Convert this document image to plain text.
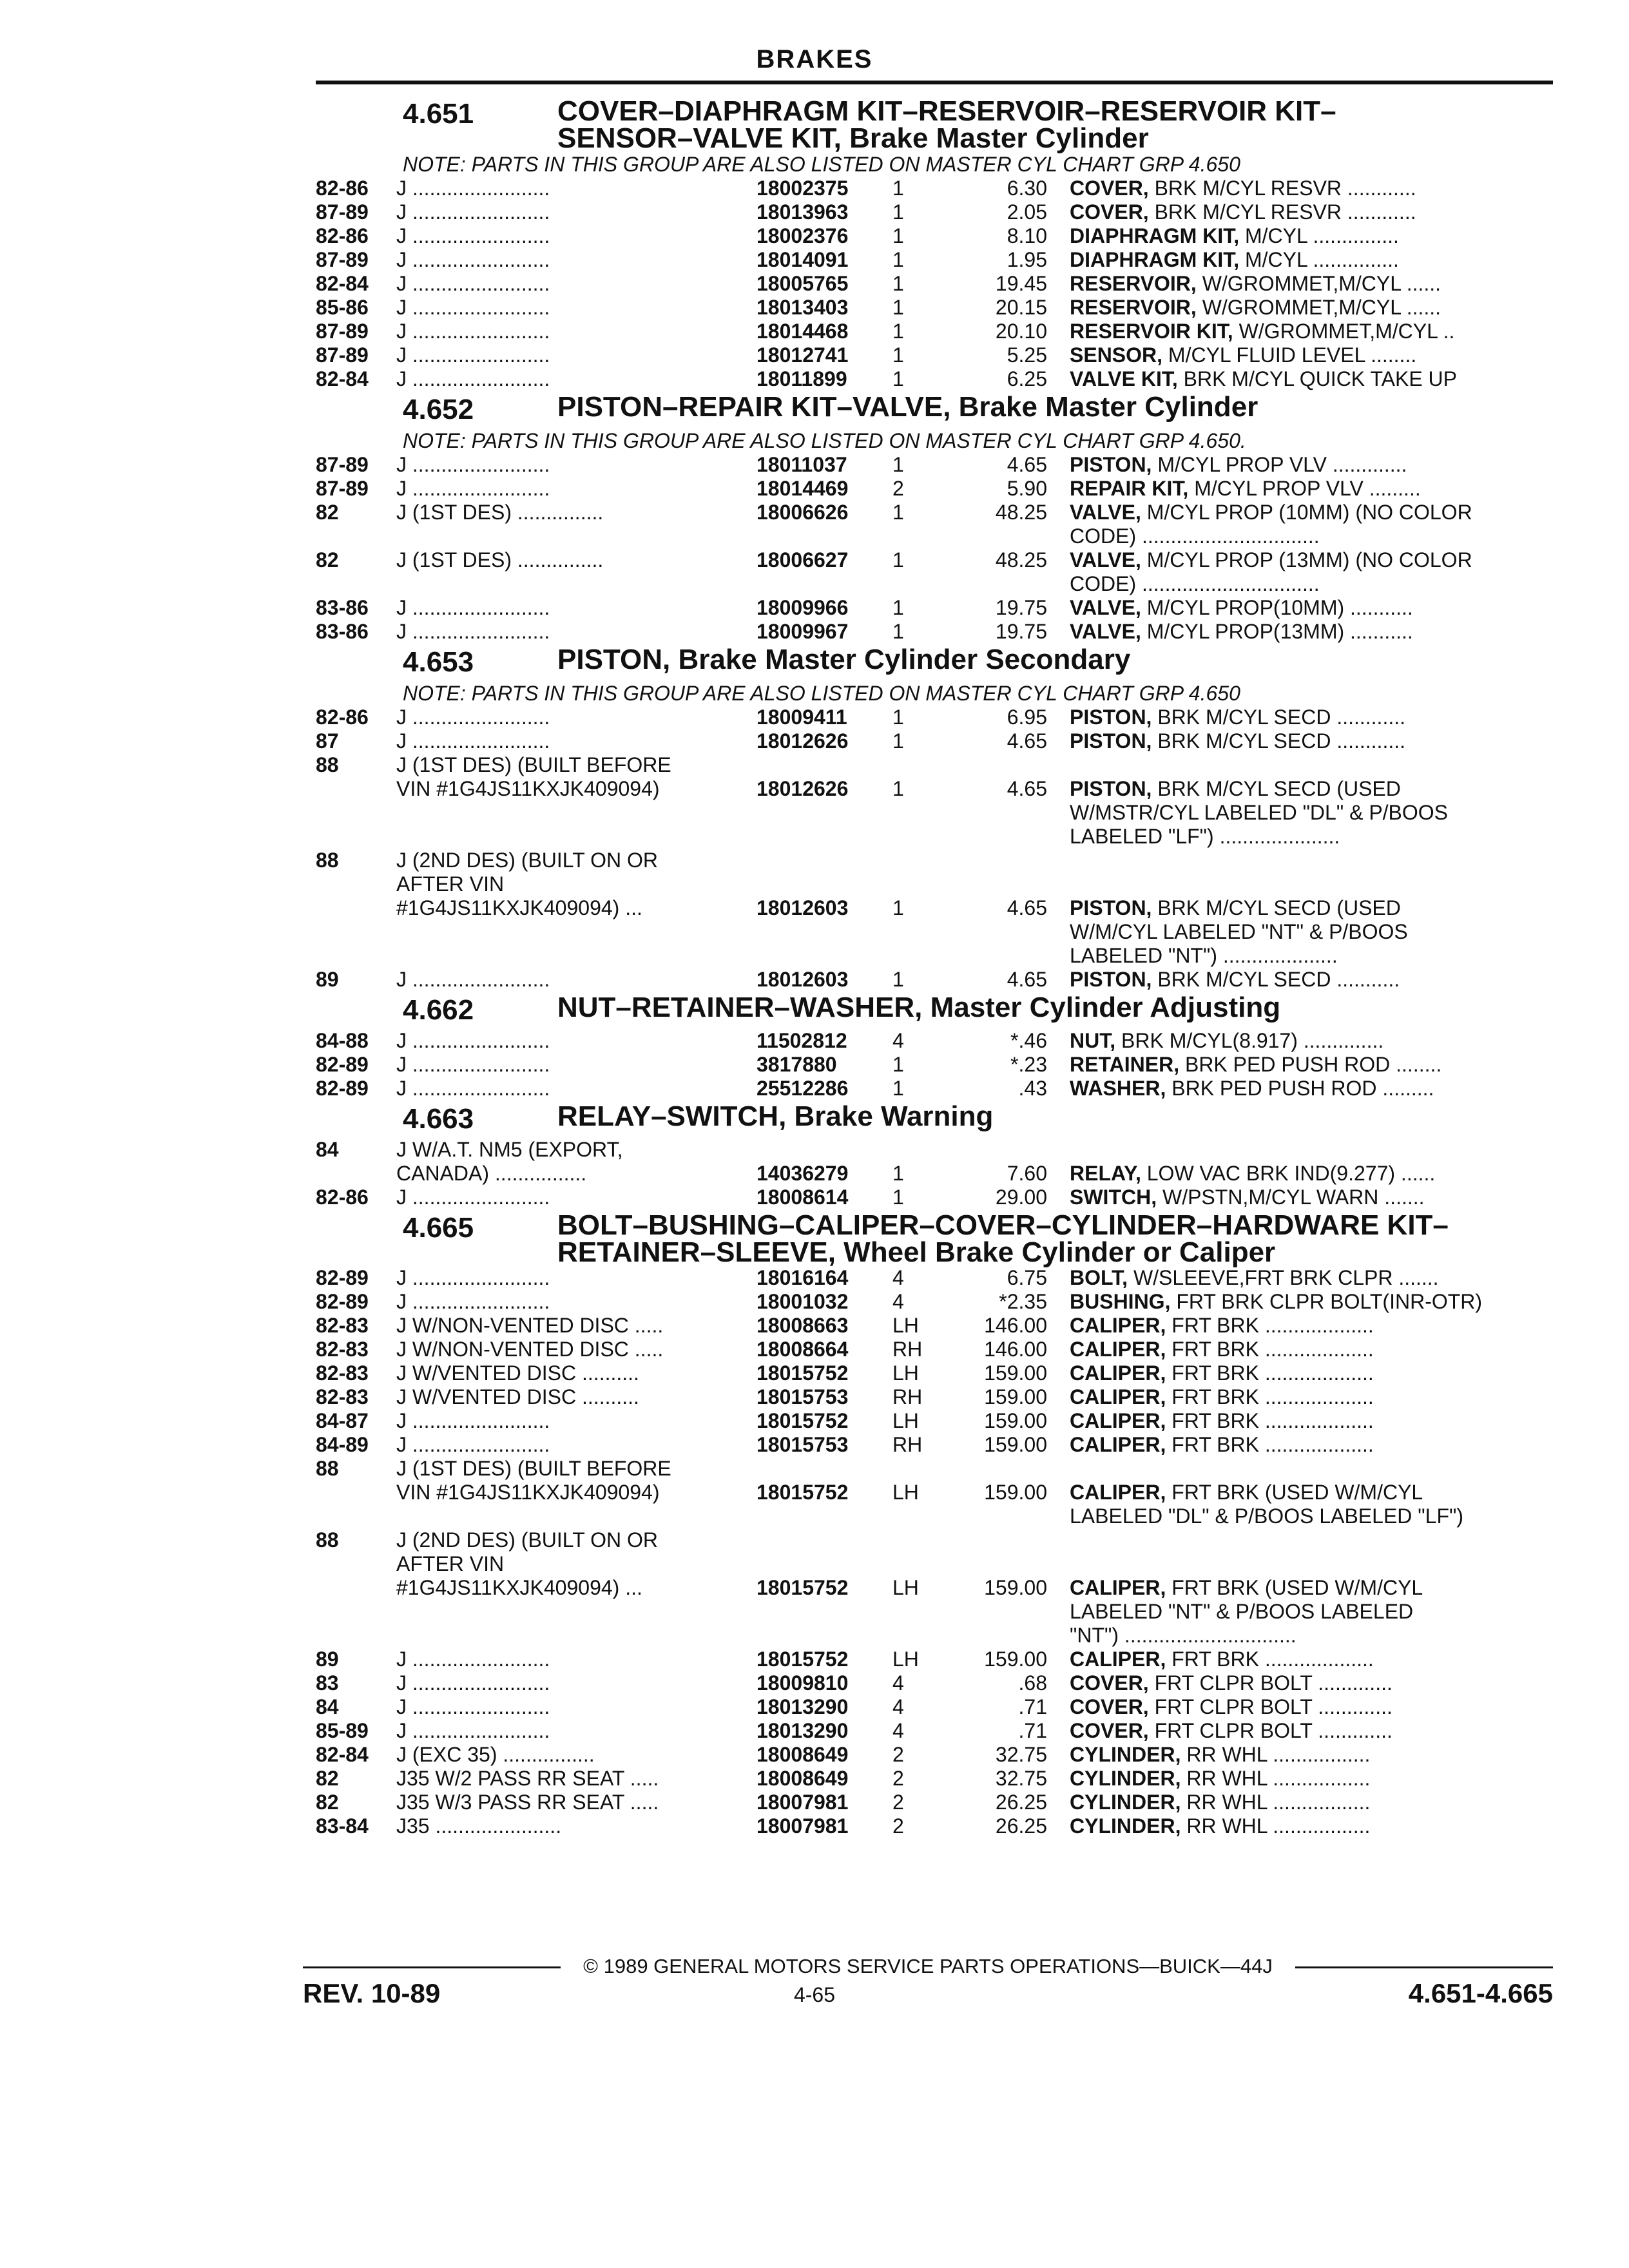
BRAKES
4.651	COVER–DIAPHRAGM KIT–RESERVOIR–RESERVOIR KIT–
SENSOR–VALVE KIT, Brake Master Cylinder
NOTE: PARTS IN THIS GROUP ARE ALSO LISTED ON MASTER CYL CHART GRP 4.650
82-86	J ........................	18002375 1	6.30 COVER, BRK M/CYL RESVR ............
87-89	J ........................	18013963 1	2.05 COVER, BRK M/CYL RESVR ............
82-86	J ........................	18002376 1	8.10 DIAPHRAGM KIT, M/CYL ...............
87-89	J ........................	18014091 1	1.95 DIAPHRAGM KIT, M/CYL ...............
82-84	J ........................	18005765 1	19.45 RESERVOIR, W/GROMMET,M/CYL ......
85-86	J ........................	18013403 1	20.15 RESERVOIR, W/GROMMET,M/CYL ......
87-89	J ........................	18014468 1	20.10 RESERVOIR KIT, W/GROMMET,M/CYL ..
87-89	J ........................	18012741 1	5.25 SENSOR, M/CYL FLUID LEVEL ........
82-84	J ........................	18011899 1	6.25 VALVE KIT, BRK M/CYL QUICK TAKE UP
4.652	PISTON–REPAIR KIT–VALVE, Brake Master Cylinder
NOTE: PARTS IN THIS GROUP ARE ALSO LISTED ON MASTER CYL CHART GRP 4.650.
87-89	J ........................	18011037 1	4.65 PISTON, M/CYL PROP VLV .............
87-89	J ........................	18014469 2	5.90 REPAIR KIT, M/CYL PROP VLV .........
82	J (1ST DES) ...............	18006626 1	48.25 VALVE, M/CYL PROP (10MM) (NO COLOR
CODE) ...............................
82	J (1ST DES) ...............	18006627 1	48.25 VALVE, M/CYL PROP (13MM) (NO COLOR
CODE) ...............................
83-86	J ........................	18009966 1	19.75 VALVE, M/CYL PROP(10MM) ...........
83-86	J ........................	18009967 1	19.75 VALVE, M/CYL PROP(13MM) ...........
4.653	PISTON, Brake Master Cylinder Secondary
NOTE: PARTS IN THIS GROUP ARE ALSO LISTED ON MASTER CYL CHART GRP 4.650
82-86	J ........................	18009411 1	6.95 PISTON, BRK M/CYL SECD ............
87	J ........................	18012626 1	4.65 PISTON, BRK M/CYL SECD ............
88	J (1ST DES) (BUILT BEFORE
VIN #1G4JS11KXJK409094)	18012626 1	4.65 PISTON, BRK M/CYL SECD (USED
W/MSTR/CYL LABELED "DL" & P/BOOS
LABELED "LF") .....................
88	J (2ND DES) (BUILT ON OR
AFTER VIN
#1G4JS11KXJK409094) ...	18012603 1	4.65 PISTON, BRK M/CYL SECD (USED
W/M/CYL LABELED "NT" & P/BOOS
LABELED "NT") ....................
89	J ........................	18012603 1	4.65 PISTON, BRK M/CYL SECD ...........
4.662	NUT–RETAINER–WASHER, Master Cylinder Adjusting
84-88	J ........................	11502812 4	*.46 NUT, BRK M/CYL(8.917) ..............
82-89	J ........................	3817880	1	*.23 RETAINER, BRK PED PUSH ROD ........
82-89	J ........................	25512286 1	.43 WASHER, BRK PED PUSH ROD .........
4.663	RELAY–SWITCH, Brake Warning
84	J W/A.T. NM5 (EXPORT,
CANADA) ................	14036279 1	7.60 RELAY, LOW VAC BRK IND(9.277) ......
82-86	J ........................	18008614 1	29.00 SWITCH, W/PSTN,M/CYL WARN .......
4.665	BOLT–BUSHING–CALIPER–COVER–CYLINDER–HARDWARE KIT–
RETAINER–SLEEVE, Wheel Brake Cylinder or Caliper
82-89	J ........................	18016164 4	6.75 BOLT, W/SLEEVE,FRT BRK CLPR .......
82-89	J ........................	18001032 4	*2.35 BUSHING, FRT BRK CLPR BOLT(INR-OTR)
82-83	J W/NON-VENTED DISC .....	18008663 LH	146.00 CALIPER, FRT BRK ...................
82-83	J W/NON-VENTED DISC .....	18008664 RH	146.00 CALIPER, FRT BRK ...................
82-83	J W/VENTED DISC ..........	18015752 LH	159.00 CALIPER, FRT BRK ...................
82-83	J W/VENTED DISC ..........	18015753 RH	159.00 CALIPER, FRT BRK ...................
84-87	J ........................	18015752 LH	159.00 CALIPER, FRT BRK ...................
84-89	J ........................	18015753 RH	159.00 CALIPER, FRT BRK ...................
88	J (1ST DES) (BUILT BEFORE
VIN #1G4JS11KXJK409094)	18015752 LH	159.00 CALIPER, FRT BRK (USED W/M/CYL
LABELED "DL" & P/BOOS LABELED "LF")
88	J (2ND DES) (BUILT ON OR
AFTER VIN
#1G4JS11KXJK409094) ...	18015752 LH	159.00 CALIPER, FRT BRK (USED W/M/CYL
LABELED "NT" & P/BOOS LABELED
"NT") ..............................
89	J ........................	18015752 LH	159.00 CALIPER, FRT BRK ...................
83	J ........................	18009810 4	.68 COVER, FRT CLPR BOLT .............
84	J ........................	18013290 4	.71 COVER, FRT CLPR BOLT .............
85-89	J ........................	18013290 4	.71 COVER, FRT CLPR BOLT .............
82-84	J (EXC 35) ................	18008649 2	32.75 CYLINDER, RR WHL .................
82	J35 W/2 PASS RR SEAT .....	18008649 2	32.75 CYLINDER, RR WHL .................
82	J35 W/3 PASS RR SEAT .....	18007981 2	26.25 CYLINDER, RR WHL .................
83-84	J35 ......................	18007981 2	26.25 CYLINDER, RR WHL .................
© 1989 GENERAL MOTORS SERVICE PARTS OPERATIONS—BUICK—44J
REV. 10-89	4-65	4.651-4.665
